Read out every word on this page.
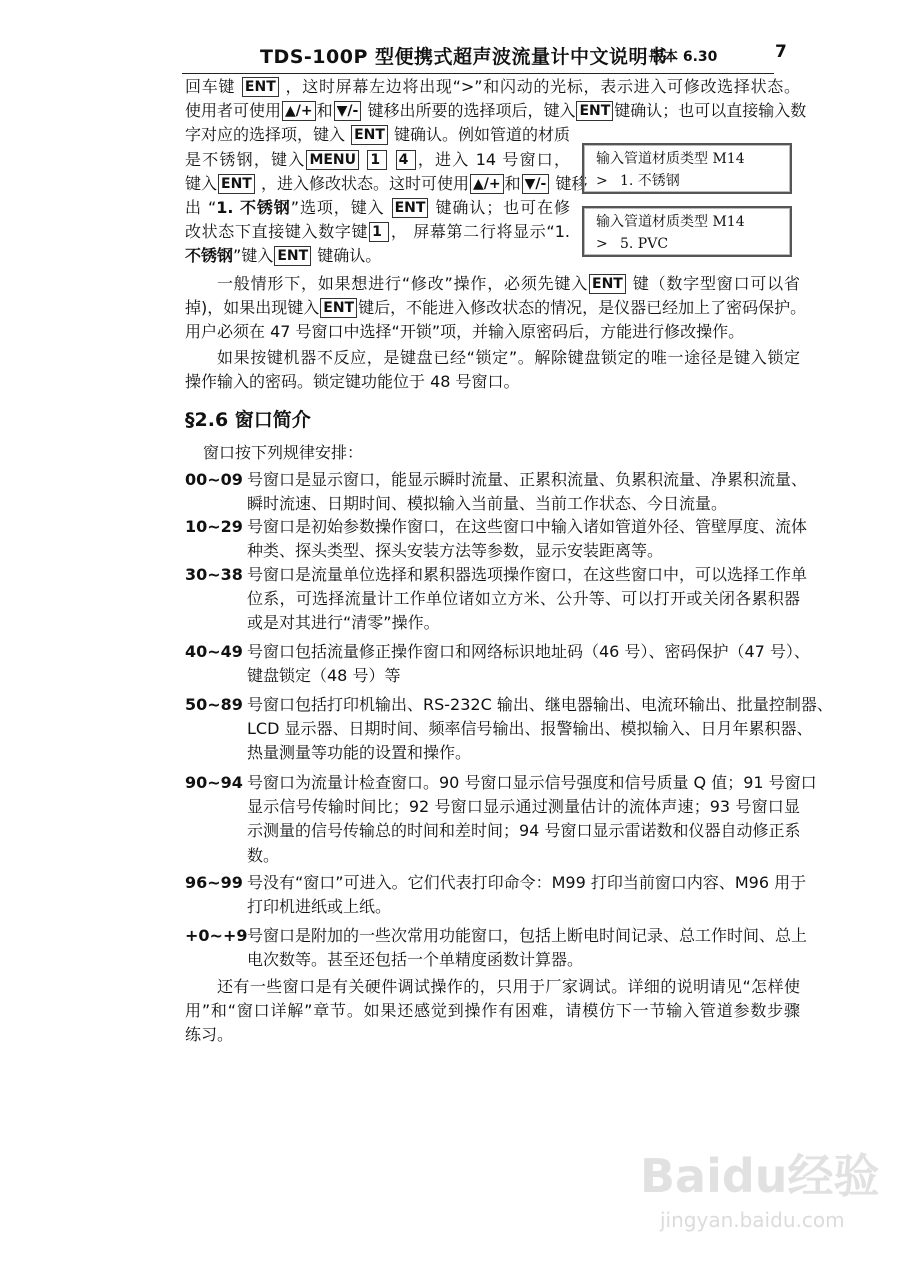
TDS-100P 型便携式超声波流量计中文说明书
版本 6.30	7
回车键 ENT ，这时屏幕左边将出现“>”和闪动的光标，表示进入可修改选择状态。
使用者可使用 ▲/+ 和 ▼/- 键移出所要的选择项后，键入 ENT 键确认；也可以直接输入数
字对应的选择项，键入 ENT 键确认。例如管道的材质
是不锈钢，键入 MENU 1 4 ，进入 14 号窗口，
键入 ENT ，进入修改状态。这时可使用 ▲/+ 和 ▼/- 键移
出 “1. 不锈钢”选项，键入 ENT 键确认；也可在修
改状态下直接键入数字键 1 ， 屏幕第二行将显示“1.
不锈钢”键入 ENT 键确认。
输入管道材质类型 M14
> 1. 不锈钢
输入管道材质类型 M14
> 5. PVC
一般情形下，如果想进行“修改”操作，必须先键入 ENT 键（数字型窗口可以省
掉)，如果出现键入 ENT 键后，不能进入修改状态的情况，是仪器已经加上了密码保护。
用户必须在 47 号窗口中选择“开锁”项，并输入原密码后，方能进行修改操作。
如果按键机器不反应，是键盘已经“锁定”。解除键盘锁定的唯一途径是键入锁定
操作输入的密码。锁定键功能位于 48 号窗口。
§2.6 窗口简介
窗口按下列规律安排：
00~09 号窗口是显示窗口，能显示瞬时流量、正累积流量、负累积流量、净累积流量、
瞬时流速、日期时间、模拟输入当前量、当前工作状态、今日流量。
10~29 号窗口是初始参数操作窗口，在这些窗口中输入诸如管道外径、管壁厚度、流体
种类、探头类型、探头安装方法等参数，显示安装距离等。
30~38 号窗口是流量单位选择和累积器选项操作窗口，在这些窗口中，可以选择工作单
位系，可选择流量计工作单位诸如立方米、公升等、可以打开或关闭各累积器
或是对其进行“清零”操作。
40~49 号窗口包括流量修正操作窗口和网络标识地址码（46 号）、密码保护（47 号）、
键盘锁定（48 号）等
50~89 号窗口包括打印机输出、RS-232C 输出、继电器输出、电流环输出、批量控制器、
LCD 显示器、日期时间、频率信号输出、报警输出、模拟输入、日月年累积器、
热量测量等功能的设置和操作。
90~94 号窗口为流量计检查窗口。90 号窗口显示信号强度和信号质量 Q 值；91 号窗口
显示信号传输时间比；92 号窗口显示通过测量估计的流体声速；93 号窗口显
示测量的信号传输总的时间和差时间；94 号窗口显示雷诺数和仪器自动修正系
数。
96~99 号没有“窗口”可进入。它们代表打印命令：M99 打印当前窗口内容、M96 用于
打印机进纸或上纸。
+0~+9 号窗口是附加的一些次常用功能窗口，包括上断电时间记录、总工作时间、总上
电次数等。甚至还包括一个单精度函数计算器。
还有一些窗口是有关硬件调试操作的，只用于厂家调试。详细的说明请见“怎样使
用”和“窗口详解”章节。如果还感觉到操作有困难，请模仿下一节输入管道参数步骤
练习。
Baidu经验
jingyan.baidu.com
